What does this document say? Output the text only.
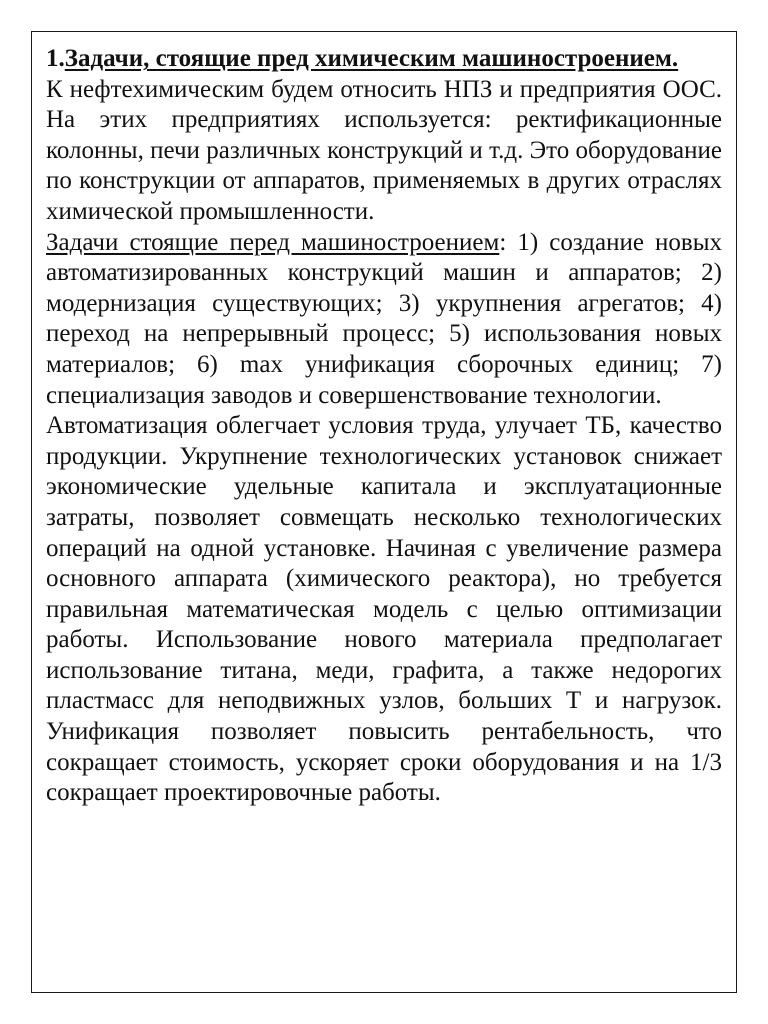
1.Задачи, стоящие пред химическим машиностроением.

К нефтехимическим будем относить НПЗ и предприятия ООС. На этих предприятиях используется: ректификационные колонны, печи различных конструкций и т.д. Это оборудование по конструкции от аппаратов, применяемых в других отраслях химической промышленности.

Задачи стоящие перед машиностроением: 1) создание новых автоматизированных конструкций машин и аппаратов; 2) модернизация существующих; 3) укрупнения агрегатов; 4) переход на непрерывный процесс; 5) использования новых материалов; 6) max унификация сборочных единиц; 7) специализация заводов и совершенствование технологии.

Автоматизация облегчает условия труда, улучает ТБ, качество продукции. Укрупнение технологических установок снижает экономические удельные капитала и эксплуатационные затраты, позволяет совмещать несколько технологических операций на одной установке. Начиная с увеличение размера основного аппарата (химического реактора), но требуется правильная математическая модель с целью оптимизации работы. Использование нового материала предполагает использование титана, меди, графита, а также недорогих пластмасс для неподвижных узлов, больших Т и нагрузок. Унификация позволяет повысить рентабельность, что сокращает стоимость, ускоряет сроки оборудования и на 1/3 сокращает проектировочные работы.
